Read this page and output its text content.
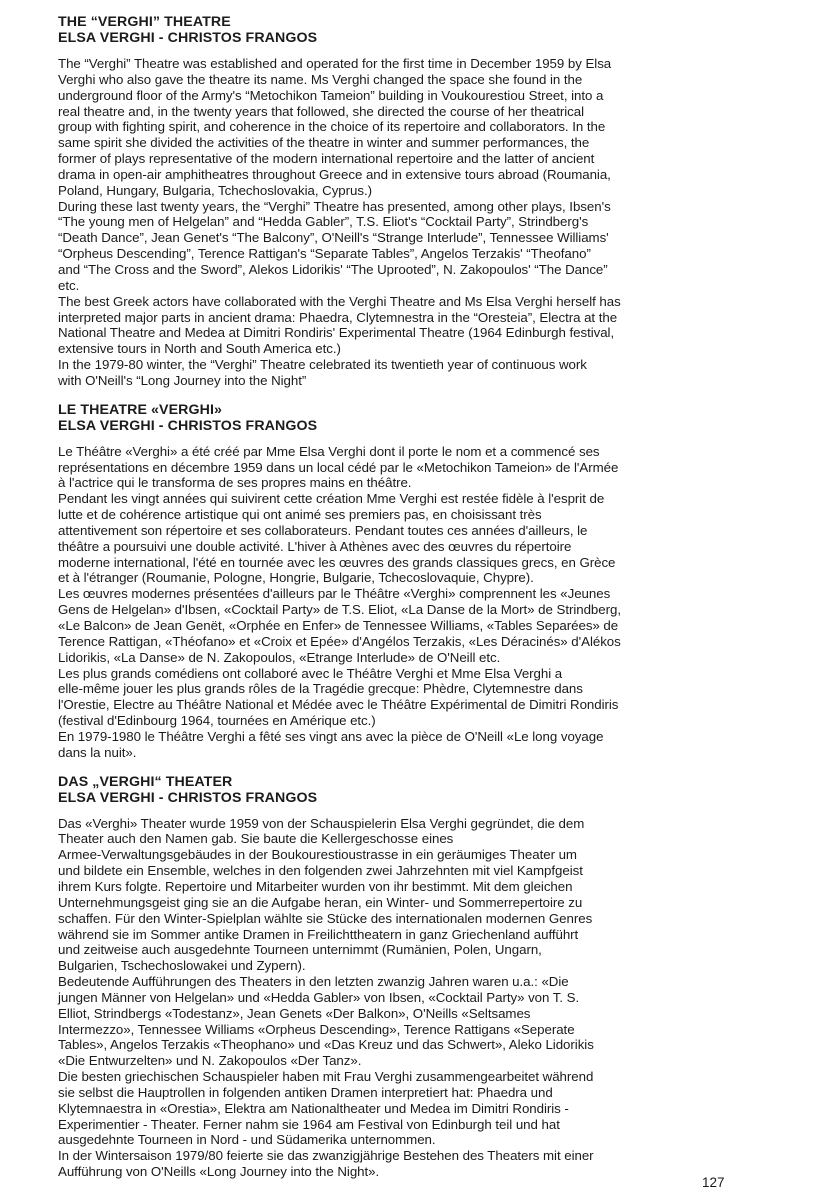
THE “VERGHI” THEATRE
ELSA VERGHI - CHRISTOS FRANGOS
The “Verghi” Theatre was established and operated for the first time in December 1959 by Elsa
Verghi who also gave the theatre its name. Ms Verghi changed the space she found in the
underground floor of the Army's “Metochikon Tameion” building in Voukourestiou Street, into a
real theatre and, in the twenty years that followed, she directed the course of her theatrical
group with fighting spirit, and coherence in the choice of its repertoire and collaborators. In the
same spirit she divided the activities of the theatre in winter and summer performances, the
former of plays representative of the modern international repertoire and the latter of ancient
drama in open-air amphitheatres throughout Greece and in extensive tours abroad (Roumania,
Poland, Hungary, Bulgaria, Tchechoslovakia, Cyprus.)
During these last twenty years, the “Verghi” Theatre has presented, among other plays, Ibsen's
“The young men of Helgelan” and “Hedda Gabler”, T.S. Eliot's “Cocktail Party”, Strindberg's
“Death Dance”, Jean Genet's “The Balcony”, O'Neill's “Strange Interlude”, Tennessee Williams'
“Orpheus Descending”, Terence Rattigan's “Separate Tables”, Angelos Terzakis' “Theofano”
and “The Cross and the Sword”, Alekos Lidorikis' “The Uprooted”, N. Zakopoulos' “The Dance”
etc.
The best Greek actors have collaborated with the Verghi Theatre and Ms Elsa Verghi herself has
interpreted major parts in ancient drama: Phaedra, Clytemnestra in the “Oresteia”, Electra at the
National Theatre and Medea at Dimitri Rondiris' Experimental Theatre (1964 Edinburgh festival,
extensive tours in North and South America etc.)
In the 1979-80 winter, the “Verghi” Theatre celebrated its twentieth year of continuous work
with O'Neill's “Long Journey into the Night”
LE THEATRE «VERGHI»
ELSA VERGHI - CHRISTOS FRANGOS
Le Théâtre «Verghi» a été créé par Mme Elsa Verghi dont il porte le nom et a commencé ses
représentations en décembre 1959 dans un local cédé par le «Metochikon Tameion» de l'Armée
à l'actrice qui le transforma de ses propres mains en théâtre.
Pendant les vingt années qui suivirent cette création Mme Verghi est restée fidèle à l'esprit de
lutte et de cohérence artistique qui ont animé ses premiers pas, en choisissant très
attentivement son répertoire et ses collaborateurs. Pendant toutes ces années d'ailleurs, le
théâtre a poursuivi une double activité. L'hiver à Athènes avec des œuvres du répertoire
moderne international, l'été en tournée avec les œuvres des grands classiques grecs, en Grèce
et à l'étranger (Roumanie, Pologne, Hongrie, Bulgarie, Tchecoslovaquie, Chypre).
Les œuvres modernes présentées d'ailleurs par le Théâtre «Verghi» comprennent les «Jeunes
Gens de Helgelan» d'Ibsen, «Cocktail Party» de T.S. Eliot, «La Danse de la Mort» de Strindberg,
«Le Balcon» de Jean Genët, «Orphée en Enfer» de Tennessee Williams, «Tables Separées» de
Terence Rattigan, «Théofano» et «Croix et Epée» d'Angélos Terzakis, «Les Déracinés» d'Alékos
Lidorikis, «La Danse» de N. Zakopoulos, «Etrange Interlude» de O'Neill etc.
Les plus grands comédiens ont collaboré avec le Théâtre Verghi et Mme Elsa Verghi a
elle-même jouer les plus grands rôles de la Tragédie grecque: Phèdre, Clytemnestre dans
l'Orestie, Electre au Théâtre National et Médée avec le Théâtre Expérimental de Dimitri Rondiris
(festival d'Edinbourg 1964, tournées en Amérique etc.)
En 1979-1980 le Théâtre Verghi a fêté ses vingt ans avec la pièce de O'Neill «Le long voyage
dans la nuit».
DAS „VERGHI“ THEATER
ELSA VERGHI - CHRISTOS FRANGOS
Das «Verghi» Theater wurde 1959 von der Schauspielerin Elsa Verghi gegründet, die dem
Theater auch den Namen gab. Sie baute die Kellergeschosse eines
Armee-Verwaltungsgebäudes in der Boukourestioustrasse in ein geräumiges Theater um
und bildete ein Ensemble, welches in den folgenden zwei Jahrzehnten mit viel Kampfgeist
ihrem Kurs folgte. Repertoire und Mitarbeiter wurden von ihr bestimmt. Mit dem gleichen
Unternehmungsgeist ging sie an die Aufgabe heran, ein Winter- und Sommerrepertoire zu
schaffen. Für den Winter-Spielplan wählte sie Stücke des internationalen modernen Genres
während sie im Sommer antike Dramen in Freilichttheatern in ganz Griechenland aufführt
und zeitweise auch ausgedehnte Tourneen unternimmt (Rumänien, Polen, Ungarn,
Bulgarien, Tschechoslowakei und Zypern).
Bedeutende Aufführungen des Theaters in den letzten zwanzig Jahren waren u.a.: «Die
jungen Männer von Helgelan» und «Hedda Gabler» von Ibsen, «Cocktail Party» von T. S.
Elliot, Strindbergs «Todestanz», Jean Genets «Der Balkon», O'Neills «Seltsames
Intermezzo», Tennessee Williams «Orpheus Descending», Terence Rattigans «Seperate
Tables», Angelos Terzakis «Theophano» und «Das Kreuz und das Schwert», Aleko Lidorikis
«Die Entwurzelten» und N. Zakopoulos «Der Tanz».
Die besten griechischen Schauspieler haben mit Frau Verghi zusammengearbeitet während
sie selbst die Hauptrollen in folgenden antiken Dramen interpretiert hat: Phaedra und
Klytemnaestra in «Orestia», Elektra am Nationaltheater und Medea im Dimitri Rondiris -
Experimentier - Theater. Ferner nahm sie 1964 am Festival von Edinburgh teil und hat
ausgedehnte Tourneen in Nord - und Südamerika unternommen.
In der Wintersaison 1979/80 feierte sie das zwanzigjährige Bestehen des Theaters mit einer
Aufführung von O'Neills «Long Journey into the Night».
127
